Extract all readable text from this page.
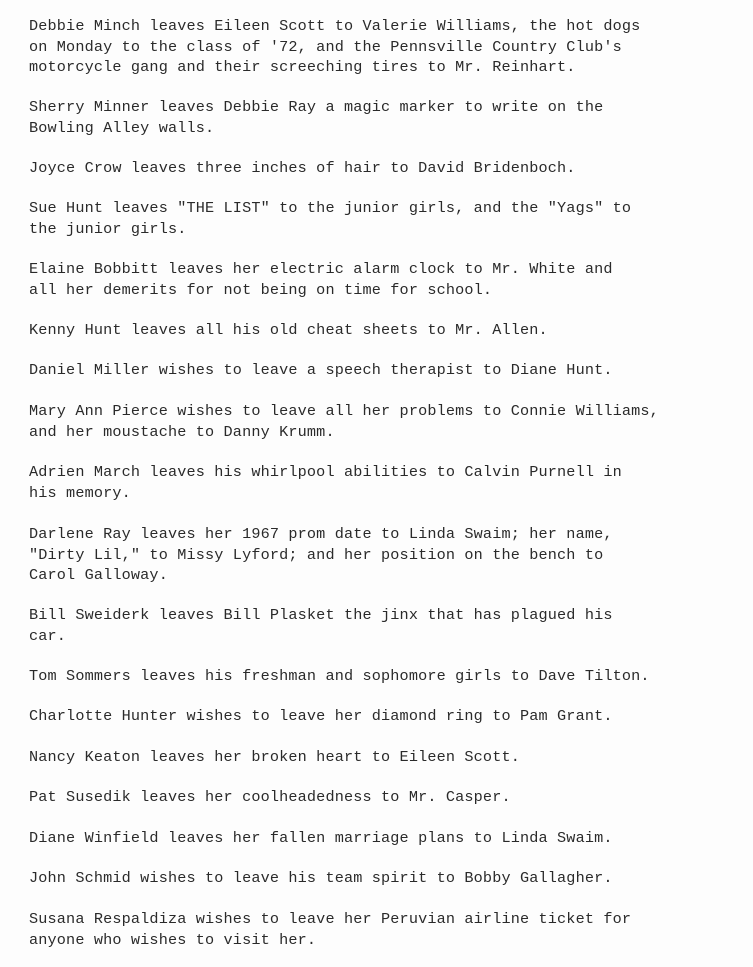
Debbie Minch leaves Eileen Scott to Valerie Williams, the hot dogs
on Monday to the class of '72, and the Pennsville Country Club's
motorcycle gang and their screeching tires to Mr. Reinhart.

Sherry Minner leaves Debbie Ray a magic marker to write on the
Bowling Alley walls.

Joyce Crow leaves three inches of hair to David Bridenboch.

Sue Hunt leaves "THE LIST" to the junior girls, and the "Yags" to
the junior girls.

Elaine Bobbitt leaves her electric alarm clock to Mr. White and
all her demerits for not being on time for school.

Kenny Hunt leaves all his old cheat sheets to Mr. Allen.

Daniel Miller wishes to leave a speech therapist to Diane Hunt.

Mary Ann Pierce wishes to leave all her problems to Connie Williams,
and her moustache to Danny Krumm.

Adrien March leaves his whirlpool abilities to Calvin Purnell in
his memory.

Darlene Ray leaves her 1967 prom date to Linda Swaim; her name,
"Dirty Lil," to Missy Lyford; and her position on the bench to
Carol Galloway.

Bill Sweiderk leaves Bill Plasket the jinx that has plagued his
car.

Tom Sommers leaves his freshman and sophomore girls to Dave Tilton.

Charlotte Hunter wishes to leave her diamond ring to Pam Grant.

Nancy Keaton leaves her broken heart to Eileen Scott.

Pat Susedik leaves her coolheadedness to Mr. Casper.

Diane Winfield leaves her fallen marriage plans to Linda Swaim.

John Schmid wishes to leave his team spirit to Bobby Gallagher.

Susana Respaldiza wishes to leave her Peruvian airline ticket for
anyone who wishes to visit her.
